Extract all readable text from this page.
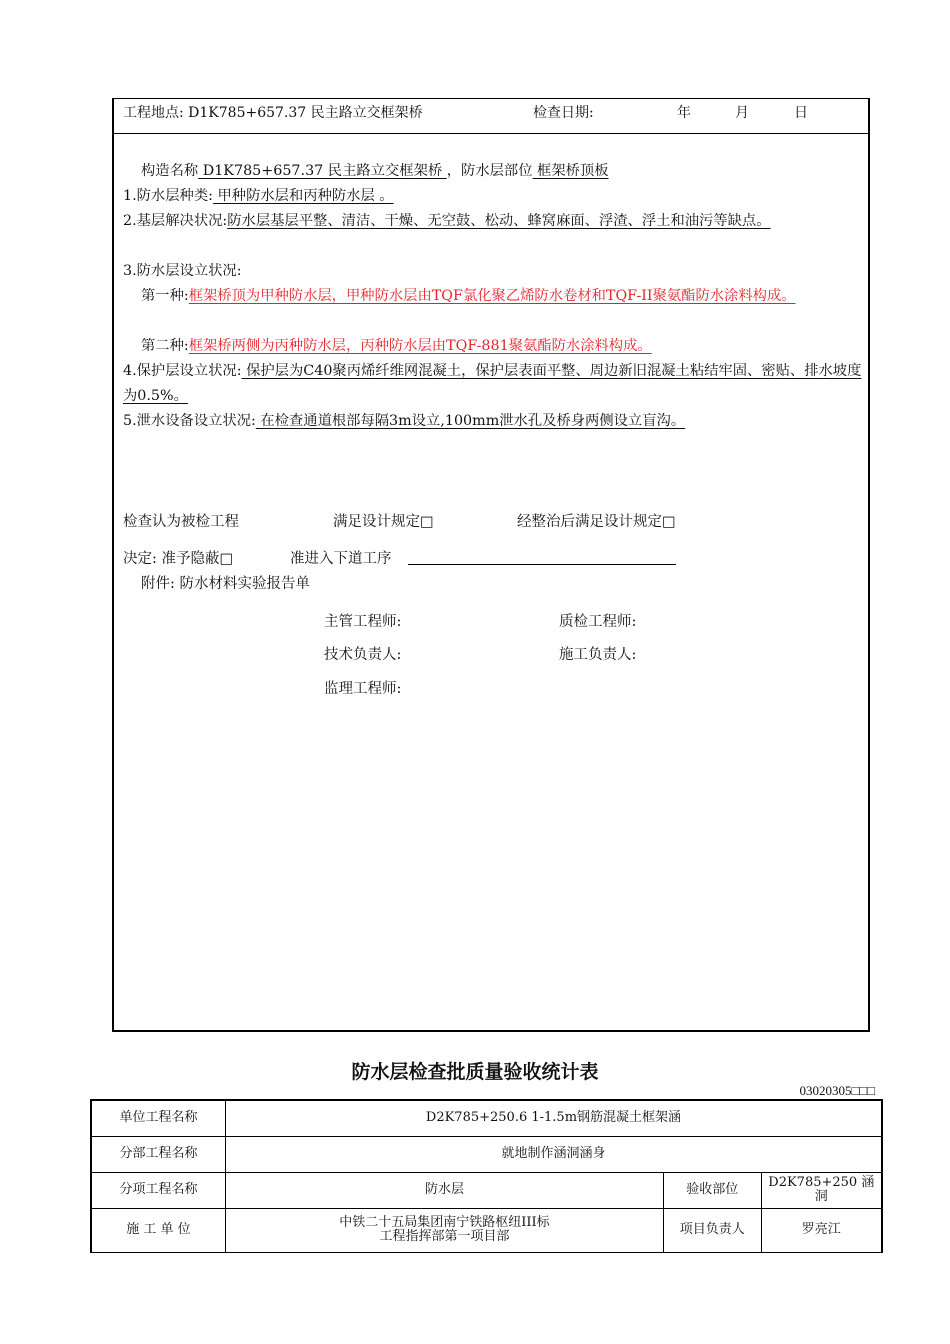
工程地点: D1K785+657.37 民主路立交框架桥	检查日期:	年	月	日
构造名称 D1K785+657.37 民主路立交框架桥 ，防水层部位 框架桥顶板
1.防水层种类: 甲种防水层和丙种防水层 。
2.基层解决状况:防水层基层平整、清洁、干燥、无空鼓、松动、蜂窝麻面、浮渣、浮土和油污等缺点。
3.防水层设立状况:
第一种:框架桥顶为甲种防水层，甲种防水层由TQF氯化聚乙烯防水卷材和TQF-II聚氨酯防水涂料构成。
第二种:框架桥两侧为丙种防水层，丙种防水层由TQF-881聚氨酯防水涂料构成。
4.保护层设立状况: 保护层为C40聚丙烯纤维网混凝土，保护层表面平整、周边新旧混凝土粘结牢固、密贴、排水坡度为0.5%。
5.泄水设备设立状况: 在检查通道根部每隔3m设立,100mm泄水孔及桥身两侧设立盲沟。
检查认为被检工程	满足设计规定□	经整治后满足设计规定□
决定: 准予隐蔽□	准进入下道工序
附件: 防水材料实验报告单
主管工程师:	质检工程师:
技术负责人:	施工负责人:
监理工程师:
防水层检查批质量验收统计表
03020305□□□
单位工程名称	D2K785+250.6 1-1.5m钢筋混凝土框架涵		
分部工程名称	就地制作涵洞涵身		
分项工程名称	防水层	验收部位	D2K785+250 涵洞
施 工 单 位	中铁二十五局集团南宁铁路枢纽III标工程指挥部第一项目部	项目负责人	罗亮江
